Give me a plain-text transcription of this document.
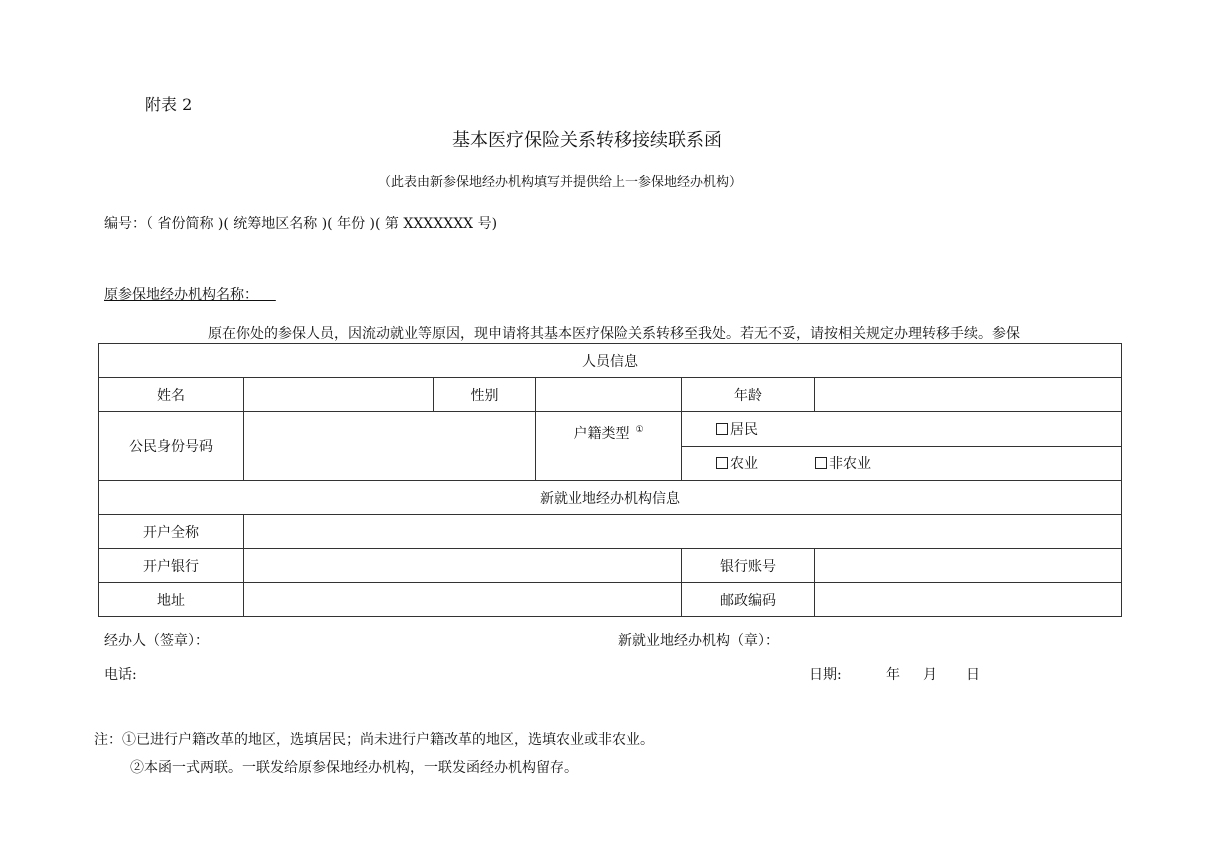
附表 2
基本医疗保险关系转移接续联系函
（此表由新参保地经办机构填写并提供给上一参保地经办机构）
编号：（ 省份简称 )( 统筹地区名称 )( 年份 )( 第 XXXXXXX 号)
原参保地经办机构名称：
原在你处的参保人员，因流动就业等原因，现申请将其基本医疗保险关系转移至我处。若无不妥，请按相关规定办理转移手续。参保
人员信息					
姓名		性别		年龄	
公民身份号码			户籍类型 ①	居民	
				农业 非农业	
新就业地经办机构信息					
开户全称					
开户银行				银行账号	
地址				邮政编码	
经办人（签章）：	新就业地经办机构（章）：
电话:	日期:	年 月 日
注：①已进行户籍改革的地区，选填居民；尚未进行户籍改革的地区，选填农业或非农业。
②本函一式两联。一联发给原参保地经办机构，一联发函经办机构留存。
